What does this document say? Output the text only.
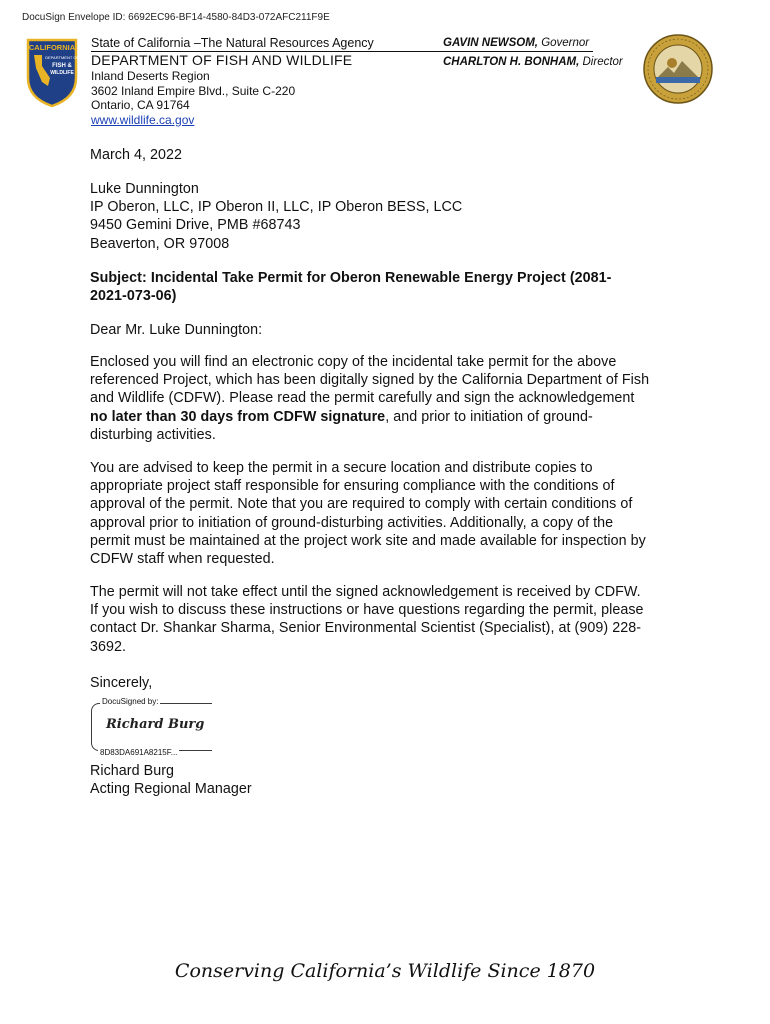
DocuSign Envelope ID: 6692EC96-BF14-4580-84D3-072AFC211F9E
CALIFORNIA
DEPARTMENT OF
FISH &
WILDLIFE
State of California –The Natural Resources Agency
DEPARTMENT OF FISH AND WILDLIFE
Inland Deserts Region
3602 Inland Empire Blvd., Suite C-220
Ontario, CA 91764
www.wildlife.ca.gov
GAVIN NEWSOM, Governor
CHARLTON H. BONHAM, Director
March 4, 2022
Luke Dunnington
IP Oberon, LLC, IP Oberon II, LLC, IP Oberon BESS, LCC
9450 Gemini Drive, PMB #68743
Beaverton, OR 97008
Subject: Incidental Take Permit for Oberon Renewable Energy Project (2081-
2021-073-06)
Dear Mr. Luke Dunnington:
Enclosed you will find an electronic copy of the incidental take permit for the above
referenced Project, which has been digitally signed by the California Department of Fish
and Wildlife (CDFW). Please read the permit carefully and sign the acknowledgement
no later than 30 days from CDFW signature, and prior to initiation of ground-
disturbing activities.
You are advised to keep the permit in a secure location and distribute copies to
appropriate project staff responsible for ensuring compliance with the conditions of
approval of the permit. Note that you are required to comply with certain conditions of
approval prior to initiation of ground-disturbing activities. Additionally, a copy of the
permit must be maintained at the project work site and made available for inspection by
CDFW staff when requested.
The permit will not take effect until the signed acknowledgement is received by CDFW.
If you wish to discuss these instructions or have questions regarding the permit, please
contact Dr. Shankar Sharma, Senior Environmental Scientist (Specialist), at (909) 228-
3692.
Sincerely,
DocuSigned by:
Richard Burg
8D83DA691A8215F...
Richard Burg
Acting Regional Manager
Conserving California’s Wildlife Since 1870
